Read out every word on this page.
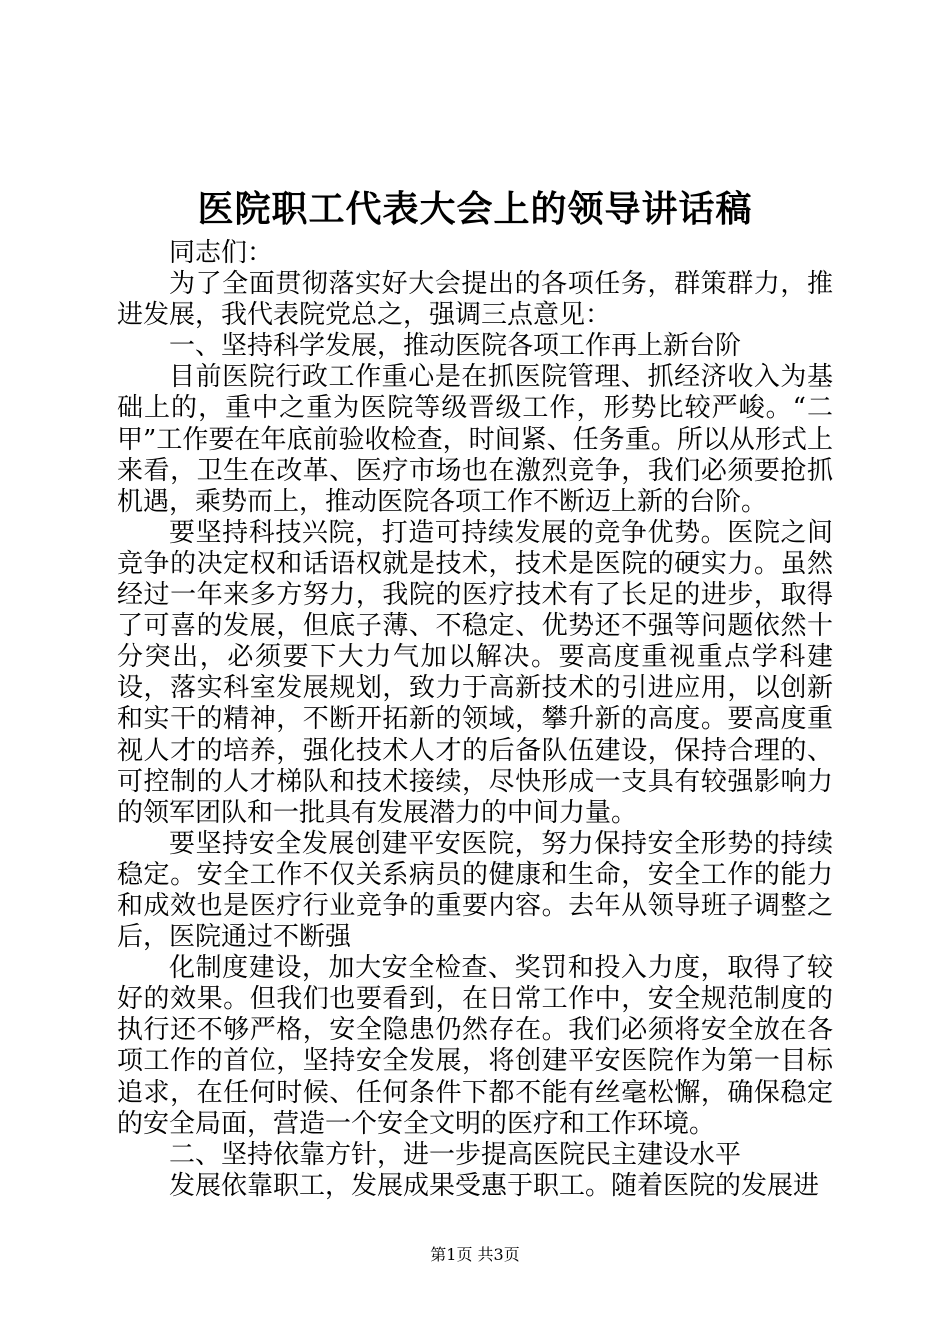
医院职工代表大会上的领导讲话稿

同志们：

为了全面贯彻落实好大会提出的各项任务，群策群力，推进发展，我代表院党总之，强调三点意见：

一、坚持科学发展，推动医院各项工作再上新台阶

目前医院行政工作重心是在抓医院管理、抓经济收入为基础上的，重中之重为医院等级晋级工作，形势比较严峻。“二甲”工作要在年底前验收检查，时间紧、任务重。所以从形式上来看，卫生在改革、医疗市场也在激烈竞争，我们必须要抢抓机遇，乘势而上，推动医院各项工作不断迈上新的台阶。

要坚持科技兴院，打造可持续发展的竞争优势。医院之间竞争的决定权和话语权就是技术，技术是医院的硬实力。虽然经过一年来多方努力，我院的医疗技术有了长足的进步，取得了可喜的发展，但底子薄、不稳定、优势还不强等问题依然十分突出，必须要下大力气加以解决。要高度重视重点学科建设，落实科室发展规划，致力于高新技术的引进应用，以创新和实干的精神，不断开拓新的领域，攀升新的高度。要高度重视人才的培养，强化技术人才的后备队伍建设，保持合理的、可控制的人才梯队和技术接续，尽快形成一支具有较强影响力的领军团队和一批具有发展潜力的中间力量。

要坚持安全发展创建平安医院，努力保持安全形势的持续稳定。安全工作不仅关系病员的健康和生命，安全工作的能力和成效也是医疗行业竞争的重要内容。去年从领导班子调整之后，医院通过不断强

化制度建设，加大安全检查、奖罚和投入力度，取得了较好的效果。但我们也要看到，在日常工作中，安全规范制度的执行还不够严格，安全隐患仍然存在。我们必须将安全放在各项工作的首位，坚持安全发展，将创建平安医院作为第一目标追求，在任何时候、任何条件下都不能有丝毫松懈，确保稳定的安全局面，营造一个安全文明的医疗和工作环境。

二、坚持依靠方针，进一步提高医院民主建设水平

发展依靠职工，发展成果受惠于职工。随着医院的发展进

第1页 共3页
